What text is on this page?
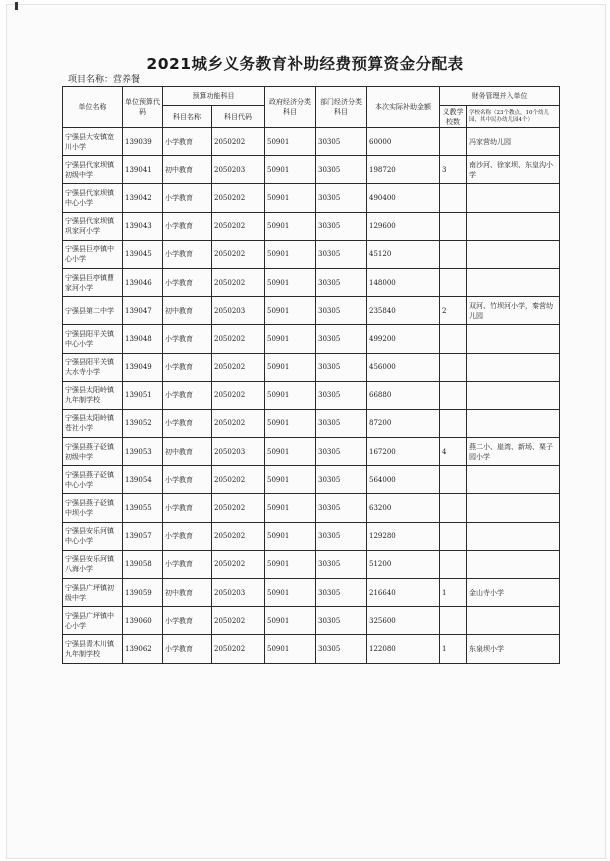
2021城乡义务教育补助经费预算资金分配表
项目名称：营养餐
单位名称	单位预算代码	预算功能科目		政府经济分类科目	部门经济分类科目	本次实际补助金额	财务管理并入单位	
		科目名称	科目代码				义教学校数	学校名称（23个教点，10个幼儿园，其中民办幼儿园4个）
宁强县大安镇宽川小学	139039	小学教育	2050202	50901	30305	60000		冯家营幼儿园
宁强县代家坝镇初级中学	139041	初中教育	2050203	50901	30305	198720	3	南沙河、徐家坝、东皇沟小学
宁强县代家坝镇中心小学	139042	小学教育	2050202	50901	30305	490400		
宁强县代家坝镇巩家河小学	139043	小学教育	2050202	50901	30305	129600		
宁强县巨亭镇中心小学	139045	小学教育	2050202	50901	30305	45120		
宁强县巨亭镇曹家河小学	139046	小学教育	2050202	50901	30305	148000		
宁强县第二中学	139047	初中教育	2050203	50901	30305	235840	2	双河、竹坝河小学，秦营幼儿园
宁强县阳平关镇中心小学	139048	小学教育	2050202	50901	30305	499200		
宁强县阳平关镇大水寺小学	139049	小学教育	2050202	50901	30305	456000		
宁强县太阳岭镇九年制学校	139051	小学教育	2050202	50901	30305	66880		
宁强县太阳岭镇苍社小学	139052	小学教育	2050202	50901	30305	87200		
宁强县燕子砭镇初级中学	139053	初中教育	2050203	50901	30305	167200	4	燕二小、崖湾、新场、栗子园小学
宁强县燕子砭镇中心小学	139054	小学教育	2050202	50901	30305	564000		
宁强县燕子砭镇中坝小学	139055	小学教育	2050202	50901	30305	63200		
宁强县安乐河镇中心小学	139057	小学教育	2050202	50901	30305	129280		
宁强县安乐河镇八海小学	139058	小学教育	2050202	50901	30305	51200		
宁强县广坪镇初级中学	139059	初中教育	2050203	50901	30305	216640	1	金山寺小学
宁强县广坪镇中心小学	139060	小学教育	2050202	50901	30305	325600		
宁强县青木川镇九年制学校	139062	小学教育	2050202	50901	30305	122080	1	东泉坝小学
